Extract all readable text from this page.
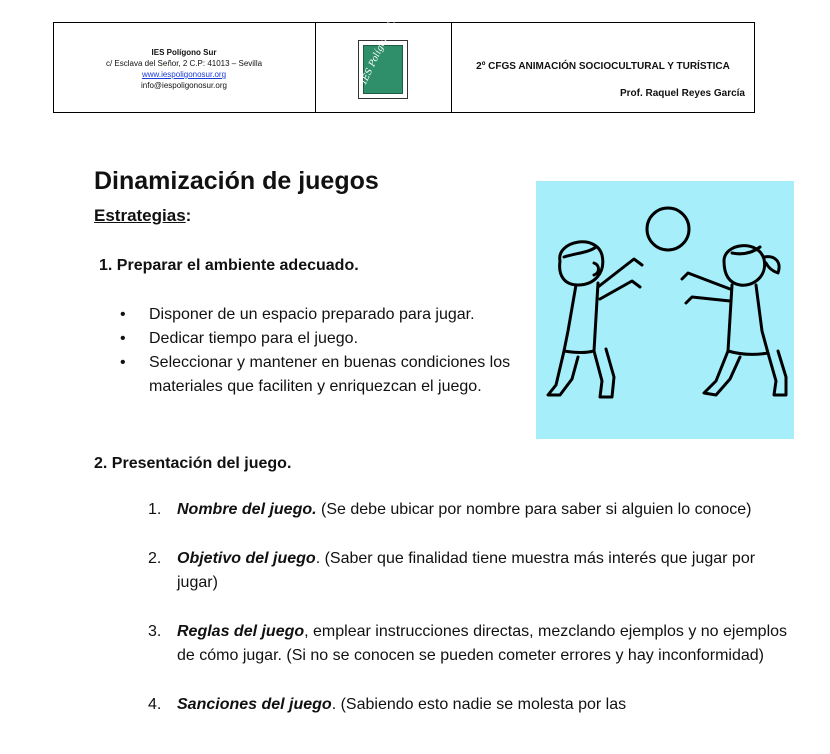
IES Polígono Sur
c/ Esclava del Señor, 2 C.P: 41013 – Sevilla
www.iespoligonosur.org
info@iespoligonosur.org	IES Polígono Sur	2º CFGS ANIMACIÓN SOCIOCULTURAL Y TURÍSTICA
Prof. Raquel Reyes García
Dinamización de juegos
Estrategias:
1. Preparar el ambiente adecuado.
• Disponer de un espacio preparado para jugar.
• Dedicar tiempo para el juego.
• Seleccionar y mantener en buenas condiciones los materiales que faciliten y enriquezcan el juego.
2. Presentación del juego.
1. Nombre del juego. (Se debe ubicar por nombre para saber si alguien lo conoce)
2. Objetivo del juego. (Saber que finalidad tiene muestra más interés que jugar por jugar)
3. Reglas del juego, emplear instrucciones directas, mezclando ejemplos y no ejemplos de cómo jugar. (Si no se conocen se pueden cometer errores y hay inconformidad)
4. Sanciones del juego. (Sabiendo esto nadie se molesta por las
